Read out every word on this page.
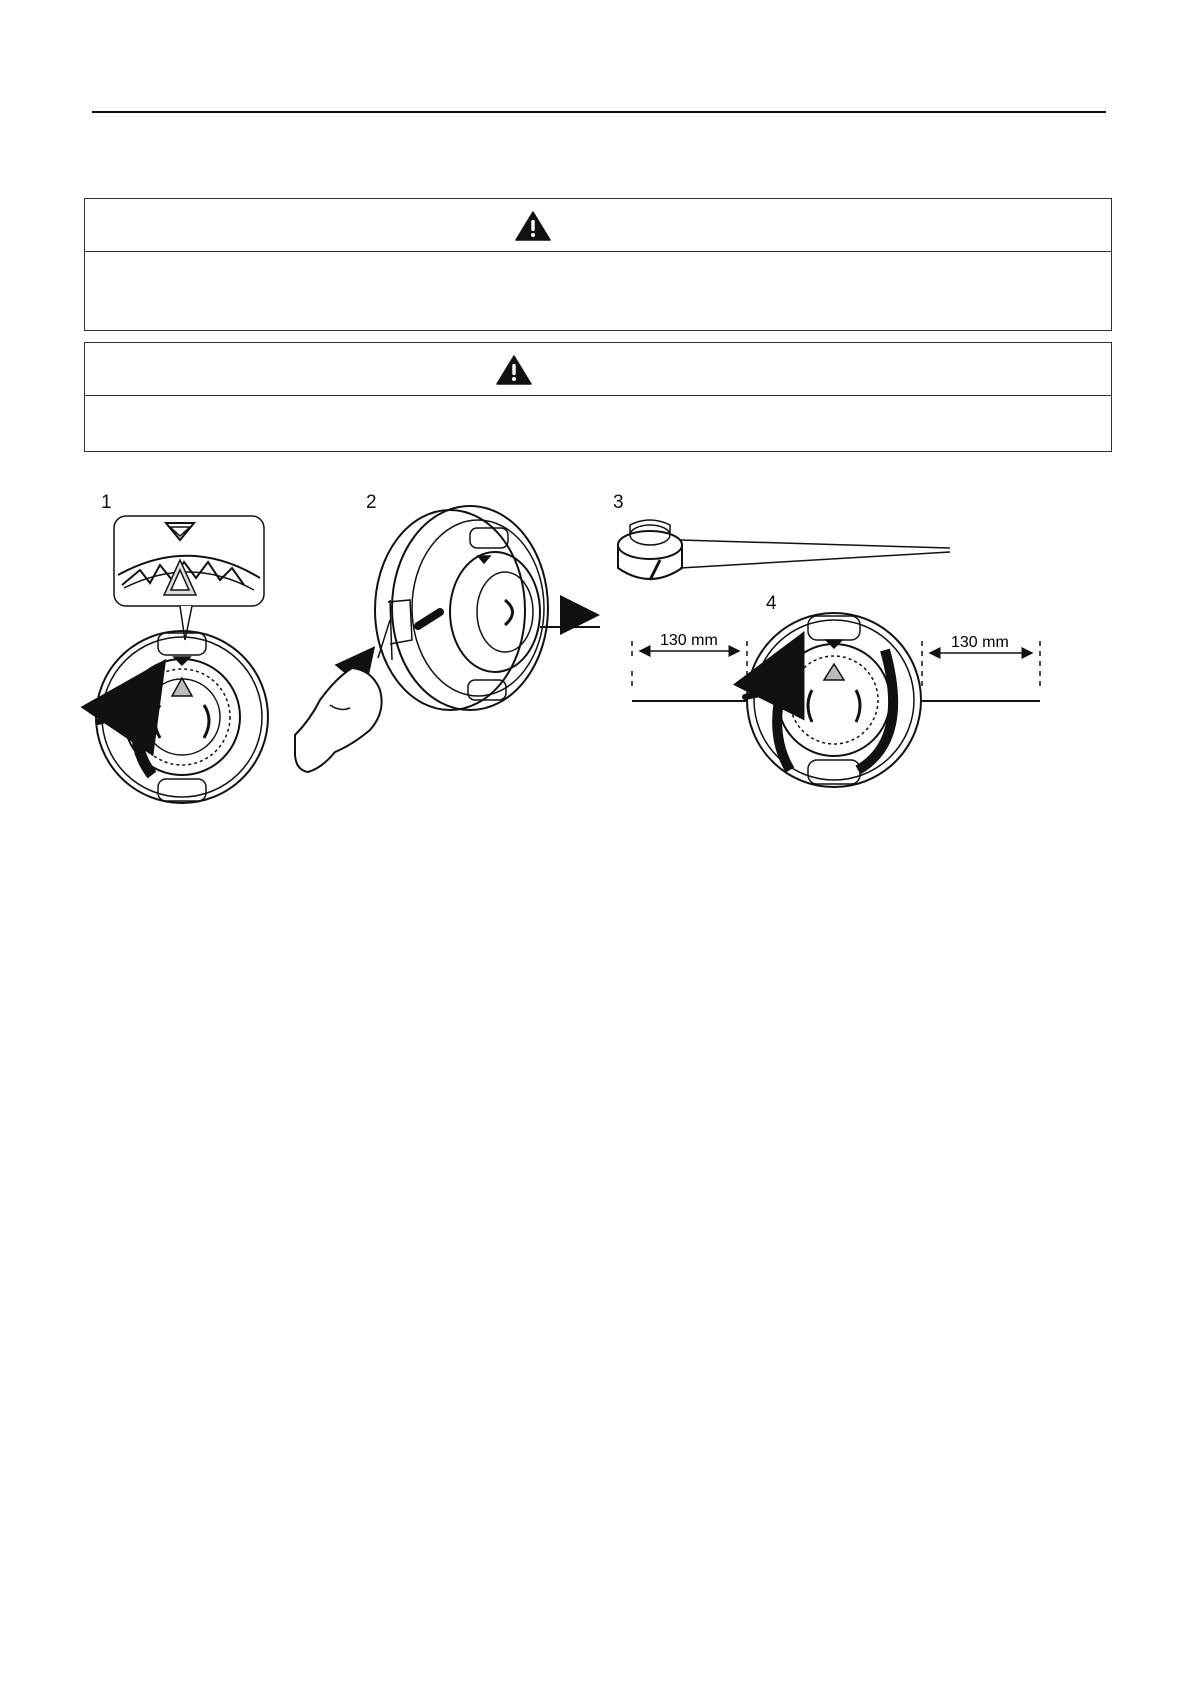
1	2	3
4
130 mm	130 mm
